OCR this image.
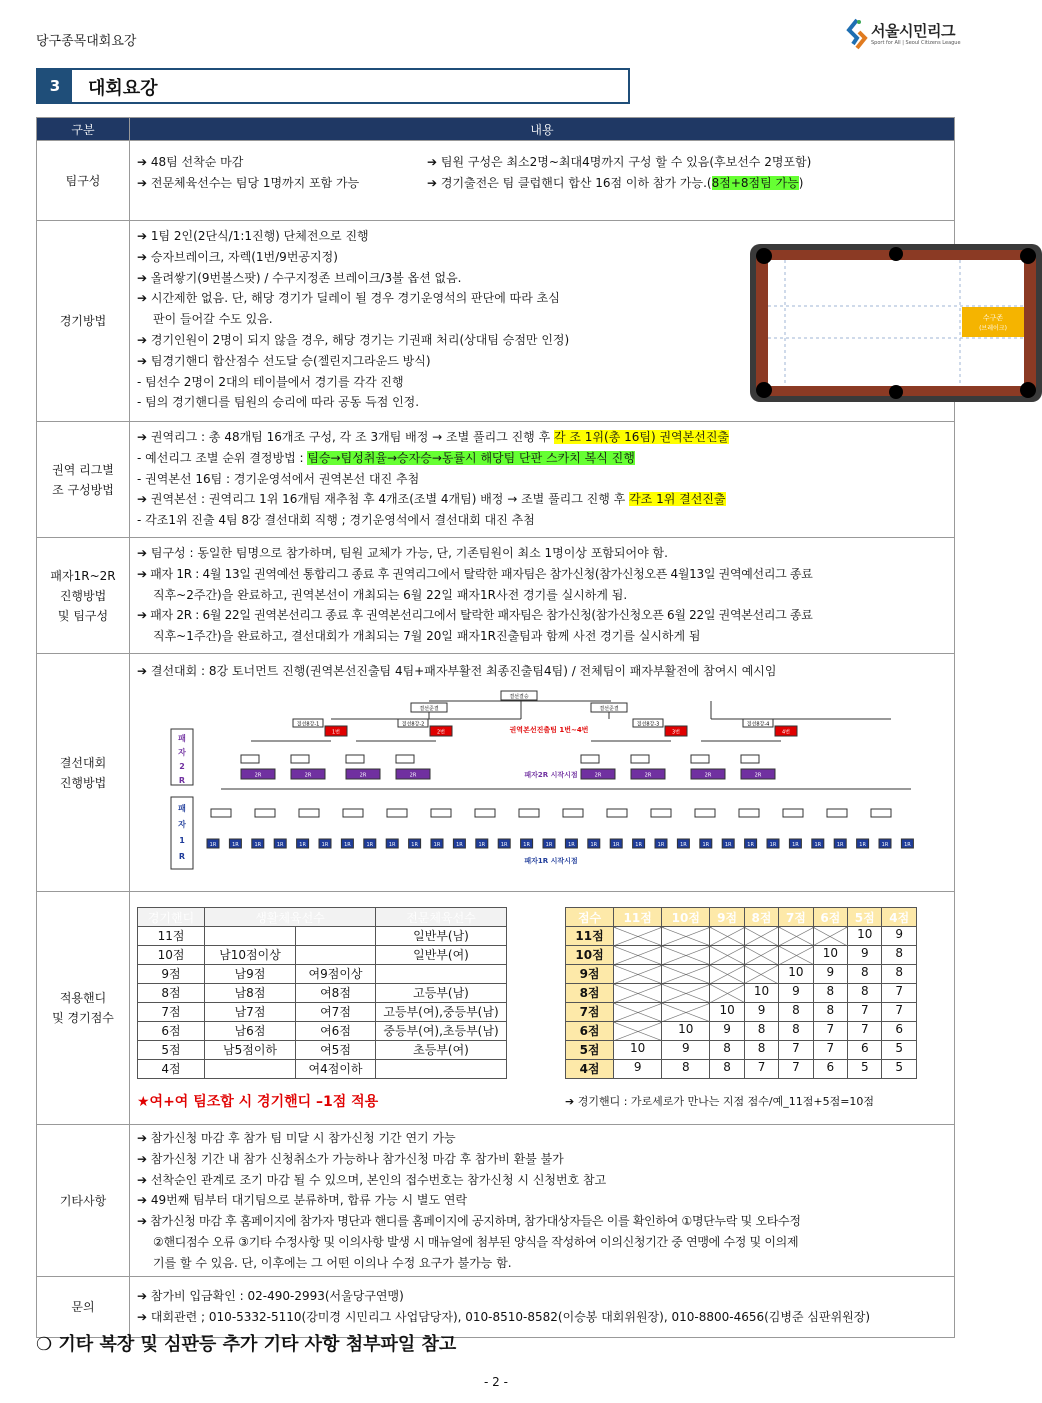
당구종목대회요강
서울시민리그
Sport for All | Seoul Citizens League
3	대회요강
구분	내용
팀구성	
➔ 48팀 선착순 마감
➔ 전문체육선수는 팀당 1명까지 포함 가능
➔ 팀원 구성은 최소2명~최대4명까지 구성 할 수 있음(후보선수 2명포함)
➔ 경기출전은 팀 클럽핸디 합산 16점 이하 참가 가능.(8점+8점팀 가능)

경기방법	
➔ 1팀 2인(2단식/1:1진행) 단체전으로 진행
➔ 승자브레이크, 자렉(1번/9번공지정)
➔ 올려쌓기(9번볼스팟) / 수구지정존 브레이크/3볼 옵션 없음.
➔ 시간제한 없음. 단, 해당 경기가 딜레이 될 경우 경기운영석의 판단에 따라 초심
판이 들어갈 수도 있음.
➔ 경기인원이 2명이 되지 않을 경우, 해당 경기는 기권패 처리(상대팀 승점만 인정)
➔ 팀경기핸디 합산점수 선도달 승(젤린지그라운드 방식)
- 팀선수 2명이 2대의 테이블에서 경기를 각각 진행
- 팀의 경기핸디를 팀원의 승리에 따라 공동 득점 인정.
수구존
(브레이크)

권역 리그별
조 구성방법	
➔ 권역리그 : 총 48개팀 16개조 구성, 각 조 3개팀 배정 → 조별 풀리그 진행 후 각 조 1위(총 16팀) 권역본선진출
- 예선리그 조별 순위 결정방법 : 팀승→팀성취율→승자승→동률시 해당팀 단판 스카치 복식 진행
- 권역본선 16팀 : 경기운영석에서 권역본선 대진 추첨
➔ 권역본선 : 권역리그 1위 16개팀 재추첨 후 4개조(조별 4개팀) 배정 → 조별 풀리그 진행 후 각조 1위 결선진출
- 각조1위 진출 4팀 8강 결선대회 직행 ; 경기운영석에서 결선대회 대진 추첨

패자1R~2R
진행방법
및 팀구성	
➔ 팀구성 : 동일한 팀명으로 참가하며, 팀원 교체가 가능, 단, 기존팀원이 최소 1명이상 포함되어야 함.
➔ 패자 1R : 4월 13일 권역예선 통합리그 종료 후 권역리그에서 탈락한 패자팀은 참가신청(참가신청오픈 4월13일 권역예선리그 종료
직후~2주간)을 완료하고, 권역본선이 개최되는 6월 22일 패자1R사전 경기를 실시하게 됨.
➔ 패자 2R : 6월 22일 권역본선리그 종료 후 권역본선리그에서 탈락한 패자팀은 참가신청(참가신청오픈 6월 22일 권역본선리그 종료
직후~1주간)을 완료하고, 결선대회가 개최되는 7월 20일 패자1R진출팀과 함께 사전 경기를 실시하게 됨

결선대회
진행방법	
➔ 결선대회 : 8강 토너먼트 진행(권역본선진출팀 4팀+패자부활전 최종진출팀4팀) / 전체팀이 패자부활전에 참여시 예시임
결선결승
결선준결	결선준결
결선8강-1
1번
결선8강-2
2번
결선8강-3
3번
결선8강-4
4번
권역본선진출팀 1번~4번
2R	2R	2R	2R	2R	2R	2R	2R
패자2R 시작시점
패
자
2
R
패
자
1
R
1R	1R	1R	1R	1R	1R	1R	1R	1R	1R	1R	1R	1R	1R	1R	1R	1R	1R	1R	1R	1R	1R	1R	1R	1R	1R	1R	1R	1R	1R	1R	1R
패자1R 시작시점

적용핸디
및 경기점수	
경기핸디	생활체육선수	전문체육선수
11점			일반부(남)
10점	남10점이상		일반부(여)
9점	남9점	여9점이상	
8점	남8점	여8점	고등부(남)
7점	남7점	여7점	고등부(여),중등부(남)
6점	남6점	여6점	중등부(여),초등부(남)
5점	남5점이하	여5점	초등부(여)
4점		여4점이하	
★여+여 팀조합 시 경기핸디 –1점 적용
점수	11점	10점	9점	8점	7점	6점	5점	4점
11점							10	9
10점						10	9	8
9점					10	9	8	8
8점				10	9	8	8	7
7점			10	9	8	8	7	7
6점		10	9	8	8	7	7	6
5점	10	9	8	8	7	7	6	5
4점	9	8	8	7	7	6	5	5
➔ 경기핸디 : 가로세로가 만나는 지점 점수/예_11점+5점=10점

기타사항	
➔ 참가신청 마감 후 참가 팀 미달 시 참가신청 기간 연기 가능
➔ 참가신청 기간 내 참가 신청취소가 가능하나 참가신청 마감 후 참가비 환불 불가
➔ 선착순인 관계로 조기 마감 될 수 있으며, 본인의 접수번호는 참가신청 시 신청번호 참고
➔ 49번째 팀부터 대기팀으로 분류하며, 합류 가능 시 별도 연락
➔ 참가신청 마감 후 홈페이지에 참가자 명단과 핸디를 홈페이지에 공지하며, 참가대상자들은 이를 확인하여 ①명단누락 및 오타수정
②핸디점수 오류 ③기타 수정사항 및 이의사항 발생 시 매뉴얼에 첨부된 양식을 작성하여 이의신청기간 중 연맹에 수정 및 이의제
기를 할 수 있음. 단, 이후에는 그 어떤 이의나 수정 요구가 불가능 함.

문의	
➔ 참가비 입금확인 : 02-490-2993(서울당구연맹)
➔ 대회관련 ; 010-5332-5110(강미경 시민리그 사업담당자), 010-8510-8582(이승봉 대회위원장), 010-8800-4656(김병준 심판위원장)
❍ 기타 복장 및 심판등 추가 기타 사항 첨부파일 참고
- 2 -
